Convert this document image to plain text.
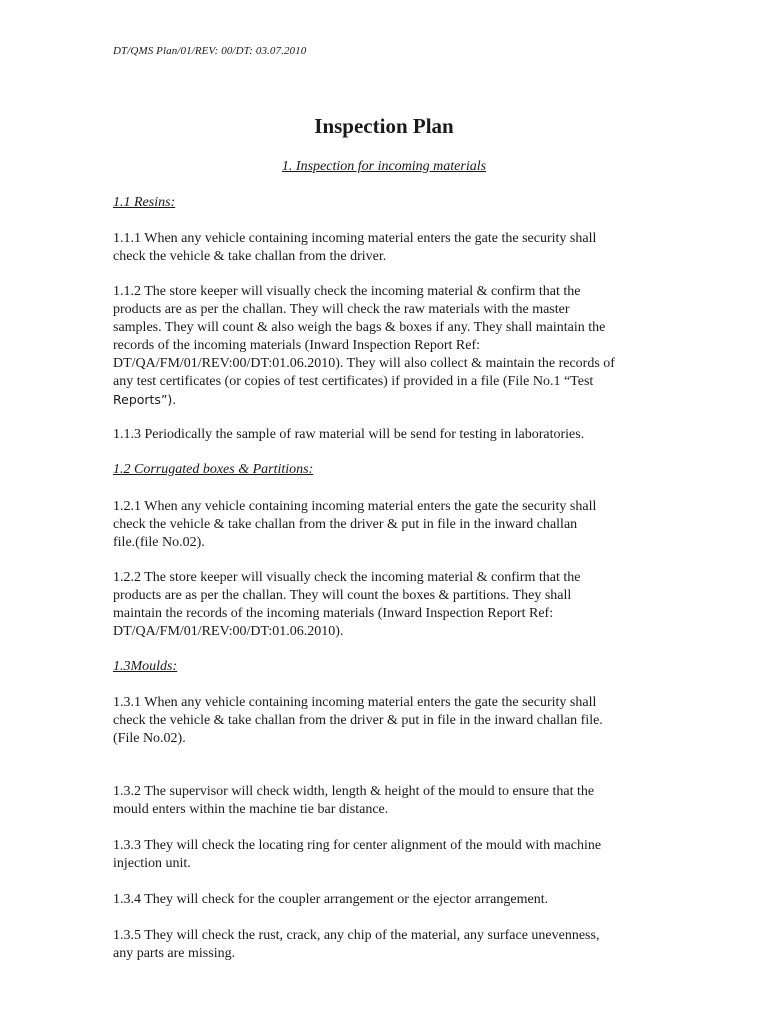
DT/QMS Plan/01/REV: 00/DT: 03.07.2010
Inspection Plan
1. Inspection for incoming materials
1.1 Resins:
1.1.1 When any vehicle containing incoming material enters the gate the security shall
check the vehicle & take challan from the driver.
1.1.2 The store keeper will visually check the incoming material & confirm that the
products are as per the challan. They will check the raw materials with the master
samples. They will count & also weigh the bags & boxes if any. They shall maintain the
records of the incoming materials (Inward Inspection Report Ref:
DT/QA/FM/01/REV:00/DT:01.06.2010). They will also collect & maintain the records of
any test certificates (or copies of test certificates) if provided in a file (File No.1 “Test
Reports”).
1.1.3 Periodically the sample of raw material will be send for testing in laboratories.
1.2 Corrugated boxes & Partitions:
1.2.1 When any vehicle containing incoming material enters the gate the security shall
check the vehicle & take challan from the driver & put in file in the inward challan
file.(file No.02).
1.2.2 The store keeper will visually check the incoming material & confirm that the
products are as per the challan. They will count the boxes & partitions. They shall
maintain the records of the incoming materials (Inward Inspection Report Ref:
DT/QA/FM/01/REV:00/DT:01.06.2010).
1.3Moulds:
1.3.1 When any vehicle containing incoming material enters the gate the security shall
check the vehicle & take challan from the driver & put in file in the inward challan file.
(File No.02).
1.3.2 The supervisor will check width, length & height of the mould to ensure that the
mould enters within the machine tie bar distance.
1.3.3 They will check the locating ring for center alignment of the mould with machine
injection unit.
1.3.4 They will check for the coupler arrangement or the ejector arrangement.
1.3.5 They will check the rust, crack, any chip of the material, any surface unevenness,
any parts are missing.
